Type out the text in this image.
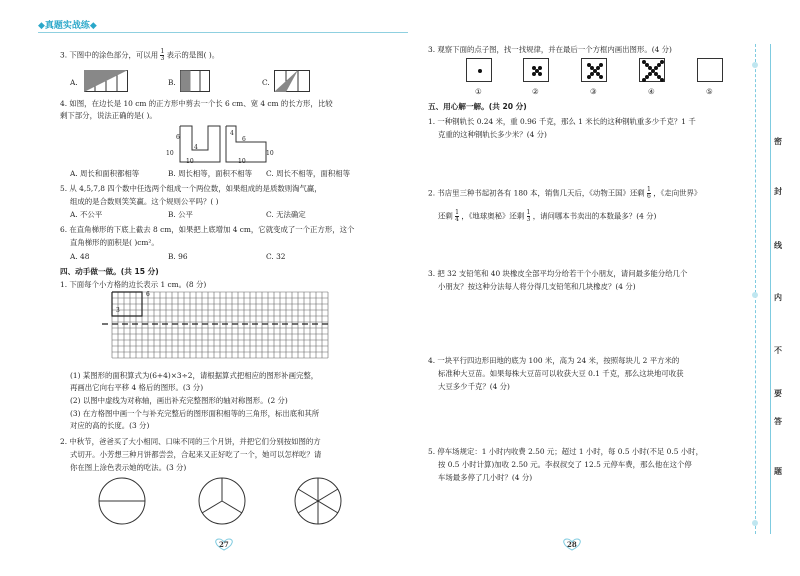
◆真题实战练◆
3. 下图中的涂色部分，可以用 $\frac{1}{3}$ 表示的是图( )。
A.	B.	C.
4. 如图，在边长是 10 cm 的正方形中剪去一个长 6 cm、宽 4 cm 的长方形，比较
剩下部分，说法正确的是( )。
6
4
10
10
4
6
10
10
A. 周长和面积都相等	B. 周长相等，面积不相等 C. 周长不相等，面积相等
5. 从 4,5,7,8 四个数中任选两个组成一个两位数，如果组成的是质数则淘气赢，
组成的是合数则笑笑赢。这个规则公平吗？( )
A. 不公平	B. 公平	C. 无法确定
6. 在直角梯形的下底上截去 8 cm，如果把上底增加 4 cm，它就变成了一个正方形，这个
直角梯形的面积是( )cm²。
A. 48	B. 96	C. 32
四、动手做一做。(共 15 分)
1. 下面每个小方格的边长表示 1 cm。(8 分)
6
3
(1) 某图形的面积算式为(6+4)×3÷2，请根据算式把相应的图形补画完整，
再画出它向右平移 4 格后的图形。(3 分)
(2) 以图中虚线为对称轴，画出补充完整图形的轴对称图形。(2 分)
(3) 在方格图中画一个与补充完整后的图形面积相等的三角形，标出底和其所
对应的高的长度。(3 分)
2. 中秋节，爸爸买了大小相同、口味不同的三个月饼，并把它们分别按如图的方
式切开。小芳想三种月饼都尝尝，合起来又正好吃了一个，她可以怎样吃？请
你在图上涂色表示她的吃法。(3 分)
27
3. 观察下面的点子图，找一找规律，并在最后一个方框内画出图形。(4 分)
①	②	③	④	⑤
五、用心解一解。(共 20 分)
1. 一种钢轨长 0.24 米，重 0.96 千克，那么 1 米长的这种钢轨重多少千克？1 千
克重的这种钢轨长多少米？(4 分)
2. 书店里三种书起初各有 180 本，销售几天后，《动物王国》还剩 $\frac{1}{6}$ ，《走向世界》
还剩 $\frac{1}{4}$ ，《地球奥秘》还剩 $\frac{1}{3}$ ，请问哪本书卖出的本数最多？(4 分)
3. 把 32 支铅笔和 40 块橡皮全部平均分给若干个小朋友，请问最多能分给几个
小朋友？按这种分法每人将分得几支铅笔和几块橡皮？(4 分)
4. 一块平行四边形田地的底为 100 米，高为 24 米，按照每块儿 2 平方米的
标准种大豆苗。如果每株大豆苗可以收获大豆 0.1 千克，那么这块地可收获
大豆多少千克？(4 分)
5. 停车场规定：1 小时内收费 2.50 元；超过 1 小时，每 0.5 小时(不足 0.5 小时，
按 0.5 小时计算)加收 2.50 元。李叔叔交了 12.5 元停车费，那么他在这个停
车场最多停了几小时？(4 分)
28
密
封
线
内
不
要
答
题
